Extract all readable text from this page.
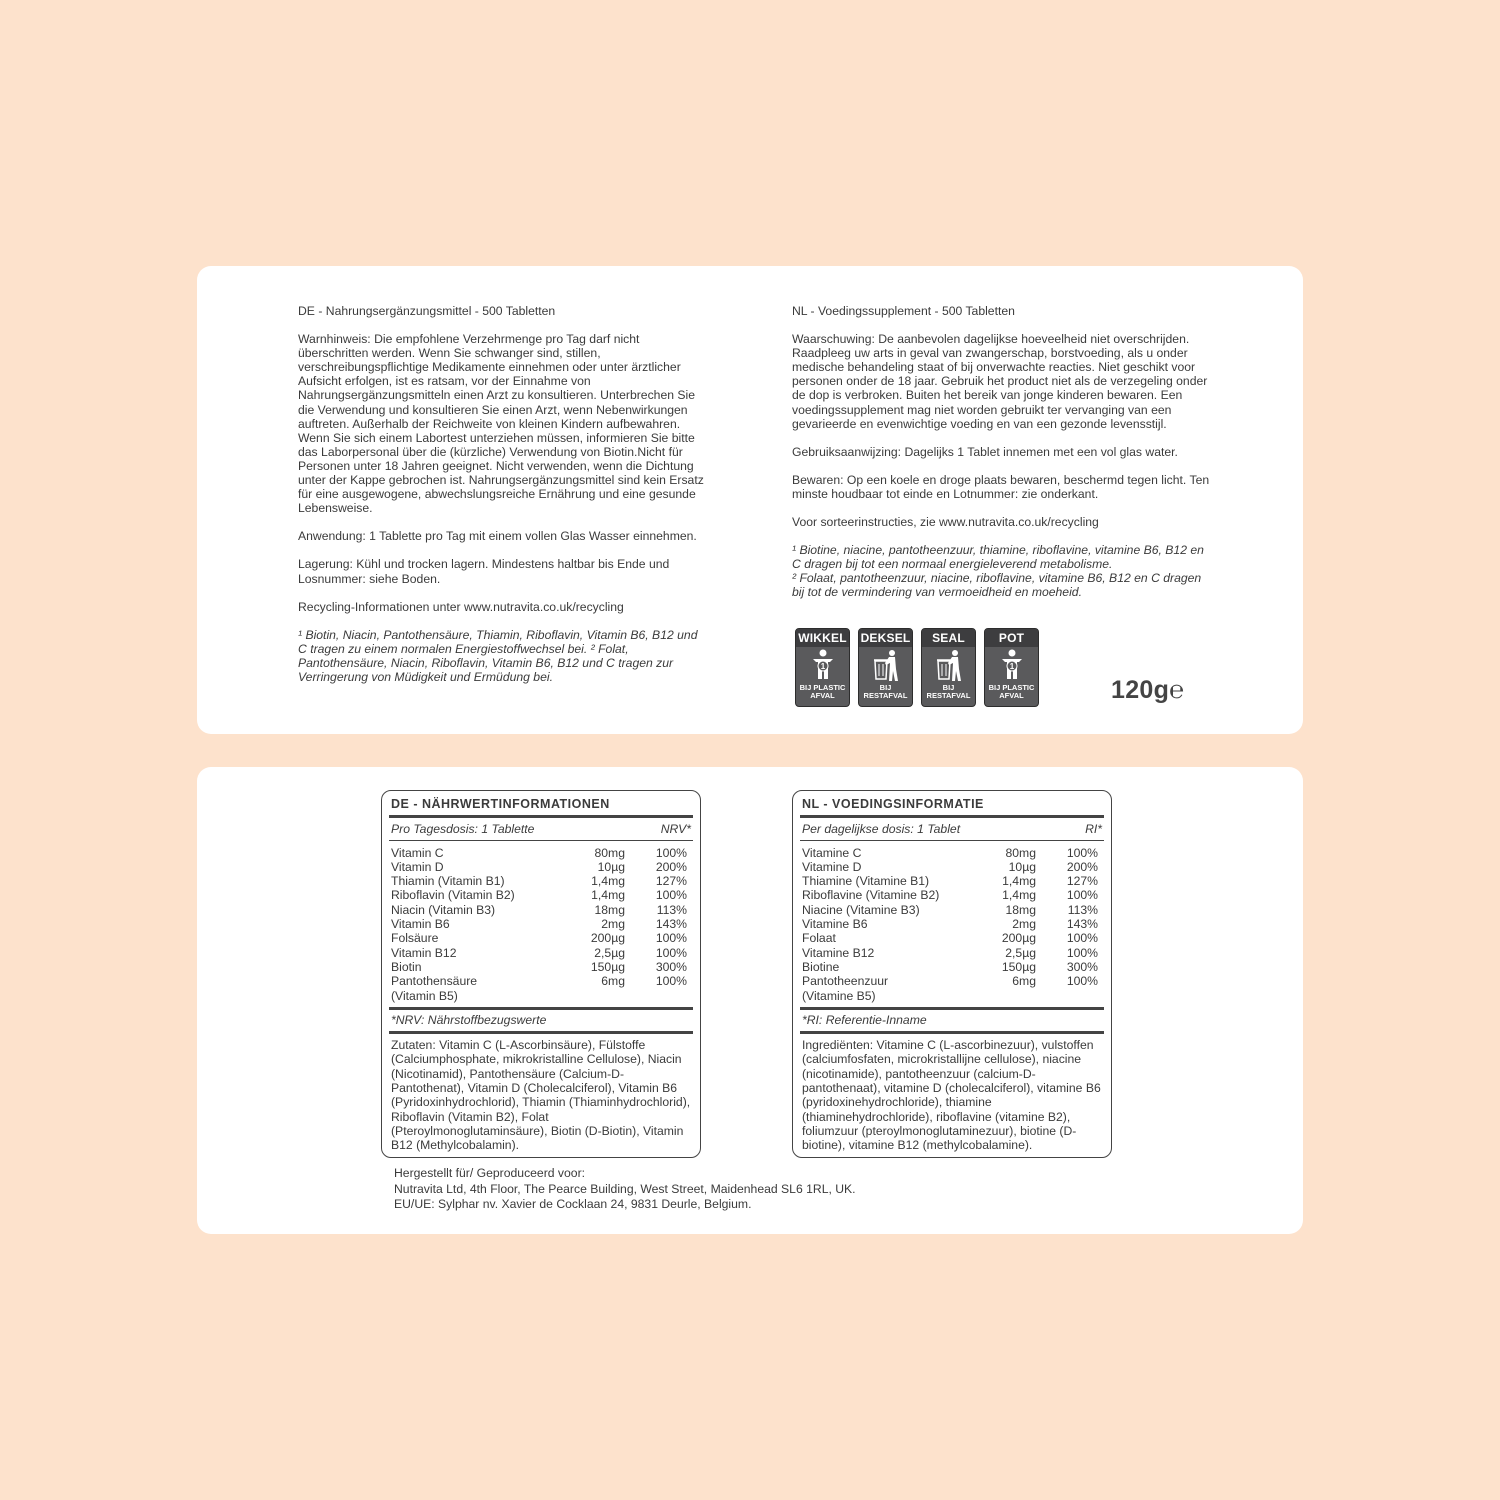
DE - Nahrungsergänzungsmittel - 500 Tabletten

Warnhinweis: Die empfohlene Verzehrmenge pro Tag darf nicht überschritten werden. Wenn Sie schwanger sind, stillen, verschreibungspflichtige Medikamente einnehmen oder unter ärztlicher Aufsicht erfolgen, ist es ratsam, vor der Einnahme von Nahrungsergänzungsmitteln einen Arzt zu konsultieren. Unterbrechen Sie die Verwendung und konsultieren Sie einen Arzt, wenn Nebenwirkungen auftreten. Außerhalb der Reichweite von kleinen Kindern aufbewahren. Wenn Sie sich einem Labortest unterziehen müssen, informieren Sie bitte das Laborpersonal über die (kürzliche) Verwendung von Biotin.Nicht für Personen unter 18 Jahren geeignet. Nicht verwenden, wenn die Dichtung unter der Kappe gebrochen ist. Nahrungsergänzungsmittel sind kein Ersatz für eine ausgewogene, abwechslungsreiche Ernährung und eine gesunde Lebensweise.

Anwendung: 1 Tablette pro Tag mit einem vollen Glas Wasser einnehmen.

Lagerung: Kühl und trocken lagern. Mindestens haltbar bis Ende und Losnummer: siehe Boden.

Recycling-Informationen unter www.nutravita.co.uk/recycling

¹ Biotin, Niacin, Pantothensäure, Thiamin, Riboflavin, Vitamin B6, B12 und C tragen zu einem normalen Energiestoffwechsel bei. ² Folat, Pantothensäure, Niacin, Riboflavin, Vitamin B6, B12 und C tragen zur Verringerung von Müdigkeit und Ermüdung bei.

NL - Voedingssupplement - 500 Tabletten

Waarschuwing: De aanbevolen dagelijkse hoeveelheid niet overschrijden. Raadpleeg uw arts in geval van zwangerschap, borstvoeding, als u onder medische behandeling staat of bij onverwachte reacties. Niet geschikt voor personen onder de 18 jaar. Gebruik het product niet als de verzegeling onder de dop is verbroken. Buiten het bereik van jonge kinderen bewaren. Een voedingssupplement mag niet worden gebruikt ter vervanging van een gevarieerde en evenwichtige voeding en van een gezonde levensstijl.

Gebruiksaanwijzing: Dagelijks 1 Tablet innemen met een vol glas water.

Bewaren: Op een koele en droge plaats bewaren, beschermd tegen licht. Ten minste houdbaar tot einde en Lotnummer: zie onderkant.

Voor sorteerinstructies, zie www.nutravita.co.uk/recycling

¹ Biotine, niacine, pantotheenzuur, thiamine, riboflavine, vitamine B6, B12 en C dragen bij tot een normaal energieleverend metabolisme.
² Folaat, pantotheenzuur, niacine, riboflavine, vitamine B6, B12 en C dragen bij tot de vermindering van vermoeidheid en moeheid.
WIKKEL
1
BIJ PLASTIC AFVAL
DEKSEL
BIJ RESTAFVAL
SEAL
BIJ RESTAFVAL
POT
1
BIJ PLASTIC AFVAL	120g℮
DE - NÄHRWERTINFORMATIONEN
Pro Tagesdosis: 1 Tablette	NRV*
Vitamin C	80mg	100%
Vitamin D	10µg	200%
Thiamin (Vitamin B1)	1,4mg	127%
Riboflavin (Vitamin B2)	1,4mg	100%
Niacin (Vitamin B3)	18mg	113%
Vitamin B6	2mg	143%
Folsäure	200µg	100%
Vitamin B12	2,5µg	100%
Biotin	150µg	300%
Pantothensäure	6mg	100%
(Vitamin B5)		
*NRV: Nährstoffbezugswerte
Zutaten: Vitamin C (L-Ascorbinsäure), Fülstoffe (Calciumphosphate, mikrokristalline Cellulose), Niacin (Nicotinamid), Pantothensäure (Calcium-D-Pantothenat), Vitamin D (Cholecalciferol), Vitamin B6 (Pyridoxinhydrochlorid), Thiamin (Thiaminhydrochlorid), Riboflavin (Vitamin B2), Folat (Pteroylmonoglutaminsäure), Biotin (D-Biotin), Vitamin B12 (Methylcobalamin).
NL - VOEDINGSINFORMATIE
Per dagelijkse dosis: 1 Tablet	RI*
Vitamine C	80mg	100%
Vitamine D	10µg	200%
Thiamine (Vitamine B1)	1,4mg	127%
Riboflavine (Vitamine B2)	1,4mg	100%
Niacine (Vitamine B3)	18mg	113%
Vitamine B6	2mg	143%
Folaat	200µg	100%
Vitamine B12	2,5µg	100%
Biotine	150µg	300%
Pantotheenzuur	6mg	100%
(Vitamine B5)		
*RI: Referentie-Inname
Ingrediënten: Vitamine C (L-ascorbinezuur), vulstoffen (calciumfosfaten, microkristallijne cellulose), niacine (nicotinamide), pantotheenzuur (calcium-D-pantothenaat), vitamine D (cholecalciferol), vitamine B6 (pyridoxinehydrochloride), thiamine (thiaminehydrochloride), riboflavine (vitamine B2), foliumzuur (pteroylmonoglutaminezuur), biotine (D-biotine), vitamine B12 (methylcobalamine).
Hergestellt für/ Geproduceerd voor:
Nutravita Ltd, 4th Floor, The Pearce Building, West Street, Maidenhead SL6 1RL, UK.
EU/UE: Sylphar nv. Xavier de Cocklaan 24, 9831 Deurle, Belgium.
